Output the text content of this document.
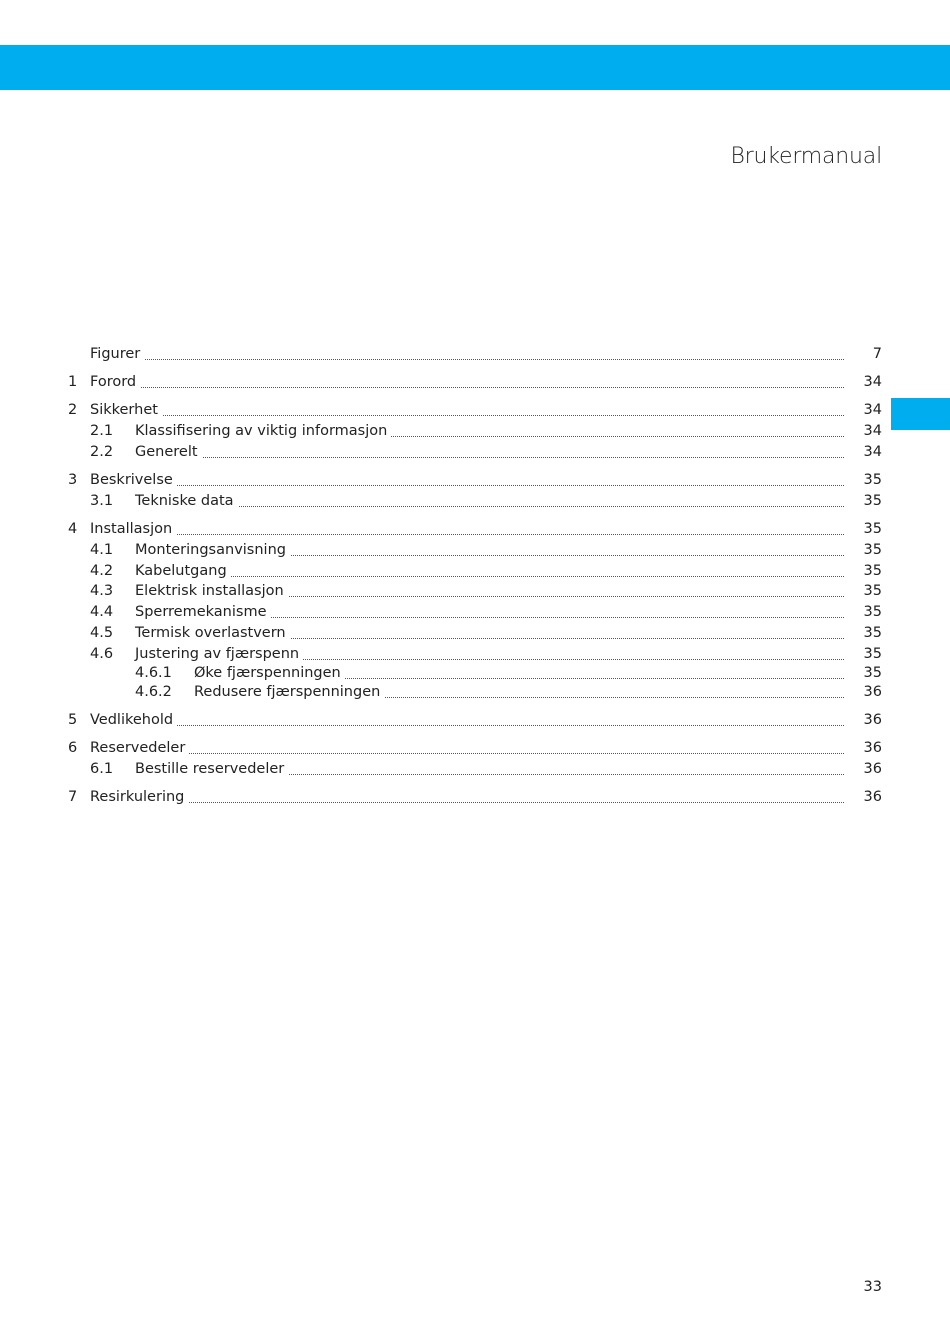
Brukermanual
Figurer	7
1 Forord	34
2 Sikkerhet	34
2.1 Klassifisering av viktig informasjon	34
2.2 Generelt	34
3 Beskrivelse	35
3.1 Tekniske data	35
4 Installasjon	35
4.1 Monteringsanvisning	35
4.2 Kabelutgang	35
4.3 Elektrisk installasjon	35
4.4 Sperremekanisme	35
4.5 Termisk overlastvern	35
4.6 Justering av fjærspenn	35
4.6.1 Øke fjærspenningen	35
4.6.2 Redusere fjærspenningen	36
5 Vedlikehold	36
6 Reservedeler	36
6.1 Bestille reservedeler	36
7 Resirkulering	36
33
